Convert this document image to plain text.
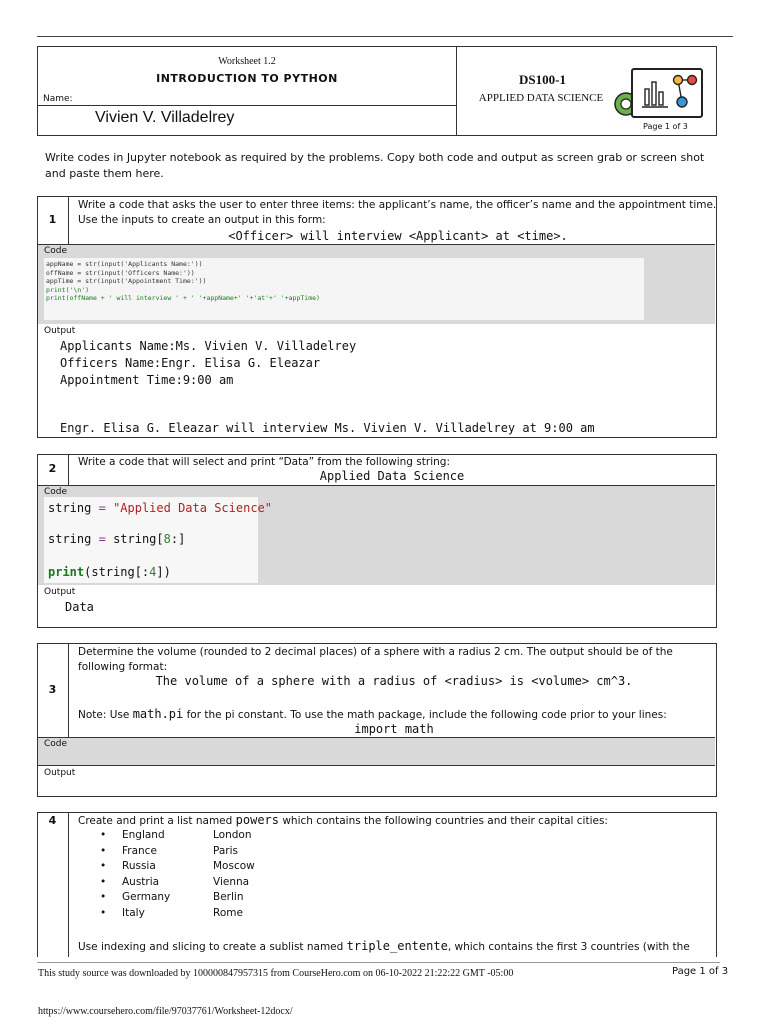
Worksheet 1.2
INTRODUCTION TO PYTHON
Name:
Vivien V. Villadelrey
DS100-1
APPLIED DATA SCIENCE
Page 1 of 3
Write codes in Jupyter notebook as required by the problems. Copy both code and output as screen grab or screen shot and paste them here.
1
Write a code that asks the user to enter three items: the applicant’s name, the officer’s name and the appointment time.
Use the inputs to create an output in this form:
<Officer> will interview <Applicant> at <time>.
Code
appName = str(input('Applicants Name:'))
offName = str(input('Officers Name:'))
appTime = str(input('Appointment Time:'))
print('\n')
print(offName + ' will interview ' + ' '+appName+' '+'at'+' '+appTime)
Output
Applicants Name:Ms. Vivien V. Villadelrey
Officers Name:Engr. Elisa G. Eleazar
Appointment Time:9:00 am
Engr. Elisa G. Eleazar will interview Ms. Vivien V. Villadelrey at 9:00 am
2	Write a code that will select and print “Data” from the following string:
Applied Data Science
Code
string = "Applied Data Science"
string = string[8:]
print(string[:4])
Output
Data
3
Determine the volume (rounded to 2 decimal places) of a sphere with a radius 2 cm. The output should be of the following format:
The volume of a sphere with a radius of <radius> is <volume> cm^3.
Note: Use math.pi for the pi constant. To use the math package, include the following code prior to your lines:
import math
Code
Output
4	Create and print a list named powers which contains the following countries and their capital cities:
• England	London
• France	Paris
• Russia	Moscow
• Austria	Vienna
• Germany	Berlin
• Italy	Rome
Use indexing and slicing to create a sublist named triple_entente, which contains the first 3 countries (with the
This study source was downloaded by 100000847957315 from CourseHero.com on 06-10-2022 21:22:22 GMT -05:00	Page 1 of 3
https://www.coursehero.com/file/97037761/Worksheet-12docx/
